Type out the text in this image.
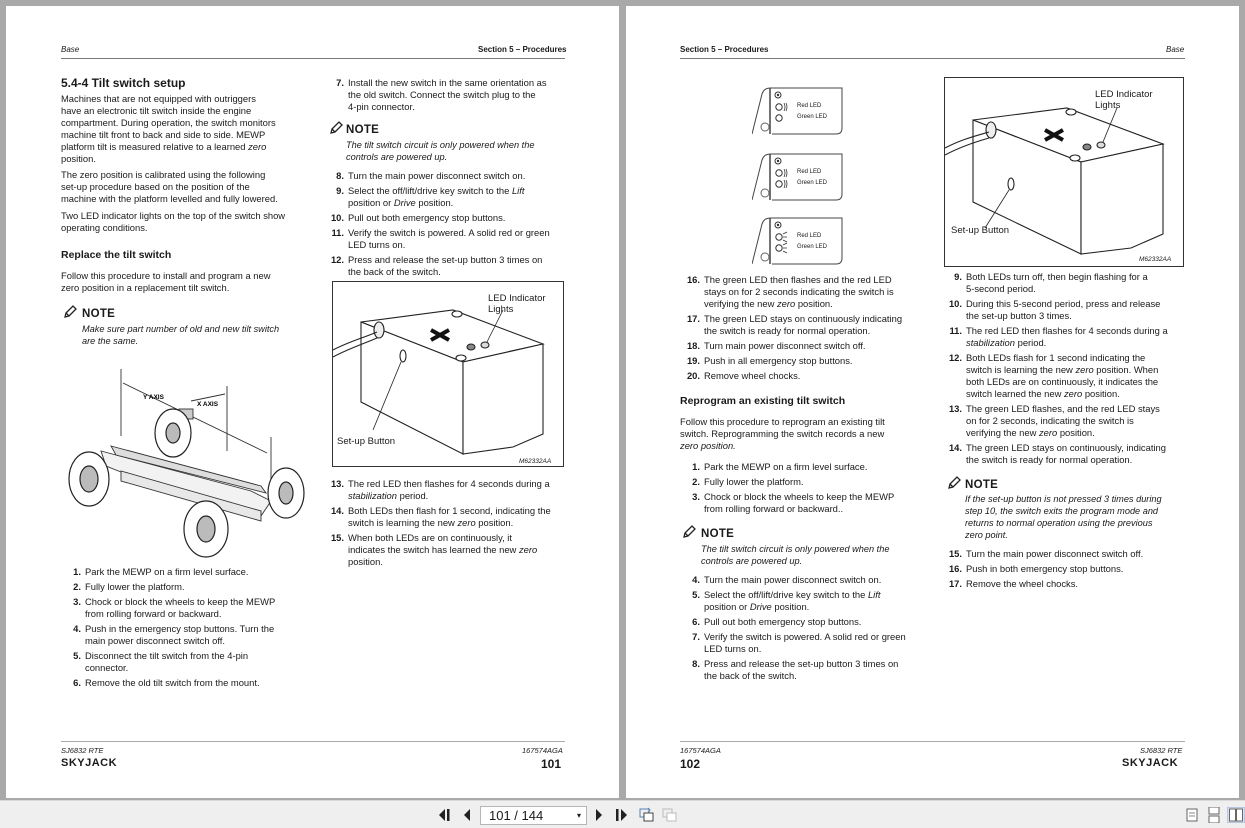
Base	Section 5 – Procedures
5.4-4 Tilt switch setup
Machines that are not equipped with outriggers
have an electronic tilt switch inside the engine
compartment. During operation, the switch monitors
machine tilt front to back and side to side. MEWP
platform tilt is measured relative to a learned zero
position.
The zero position is calibrated using the following
set-up procedure based on the position of the
machine with the platform levelled and fully lowered.
Two LED indicator lights on the top of the switch show
operating conditions.
Replace the tilt switch
Follow this procedure to install and program a new
zero position in a replacement tilt switch.
NOTE
Make sure part number of old and new tilt switch
are the same.
Y AXIS
X AXIS
1. Park the MEWP on a firm level surface.
2. Fully lower the platform.
3. Chock or block the wheels to keep the MEWP
from rolling forward or backward.
4. Push in the emergency stop buttons. Turn the
main power disconnect switch off.
5. Disconnect the tilt switch from the 4-pin
connector.
6. Remove the old tilt switch from the mount.
7. Install the new switch in the same orientation as
the old switch. Connect the switch plug to the
4-pin connector.
NOTE
The tilt switch circuit is only powered when the
controls are powered up.
8. Turn the main power disconnect switch on.
9. Select the off/lift/drive key switch to the Lift
position or Drive position.
10. Pull out both emergency stop buttons.
11. Verify the switch is powered. A solid red or green
LED turns on.
12. Press and release the set-up button 3 times on
the back of the switch.
LED Indicator
Lights
Set-up Button
M62332AA
13. The red LED then flashes for 4 seconds during a
stabilization period.
14. Both LEDs then flash for 1 second, indicating the
switch is learning the new zero position.
15. When both LEDs are on continuously, it
indicates the switch has learned the new zero
position.
SJ6832 RTE
SKYJACK
167574AGA
101
Section 5 – Procedures	Base
Red LED
Green LED
Red LED
Green LED
Red LED
Green LED
16. The green LED then flashes and the red LED
stays on for 2 seconds indicating the switch is
verifying the new zero position.
17. The green LED stays on continuously indicating
the switch is ready for normal operation.
18. Turn main power disconnect switch off.
19. Push in all emergency stop buttons.
20. Remove wheel chocks.
Reprogram an existing tilt switch
Follow this procedure to reprogram an existing tilt
switch. Reprogramming the switch records a new
zero position.
1. Park the MEWP on a firm level surface.
2. Fully lower the platform.
3. Chock or block the wheels to keep the MEWP
from rolling forward or backward..
NOTE
The tilt switch circuit is only powered when the
controls are powered up.
4. Turn the main power disconnect switch on.
5. Select the off/lift/drive key switch to the Lift
position or Drive position.
6. Pull out both emergency stop buttons.
7. Verify the switch is powered. A solid red or green
LED turns on.
8. Press and release the set-up button 3 times on
the back of the switch.
LED Indicator
Lights
Set-up Button
M62332AA
9. Both LEDs turn off, then begin flashing for a
5-second period.
10. During this 5-second period, press and release
the set-up button 3 times.
11. The red LED then flashes for 4 seconds during a
stabilization period.
12. Both LEDs flash for 1 second indicating the
switch is learning the new zero position. When
both LEDs are on continuously, it indicates the
switch learned the new zero position.
13. The green LED flashes, and the red LED stays
on for 2 seconds, indicating the switch is
verifying the new zero position.
14. The green LED stays on continuously, indicating
the switch is ready for normal operation.
NOTE
If the set-up button is not pressed 3 times during
step 10, the switch exits the program mode and
returns to normal operation using the previous
zero point.
15. Turn the main power disconnect switch off.
16. Push in both emergency stop buttons.
17. Remove the wheel chocks.
167574AGA
102
SJ6832 RTE
SKYJACK
101 / 144	▾
